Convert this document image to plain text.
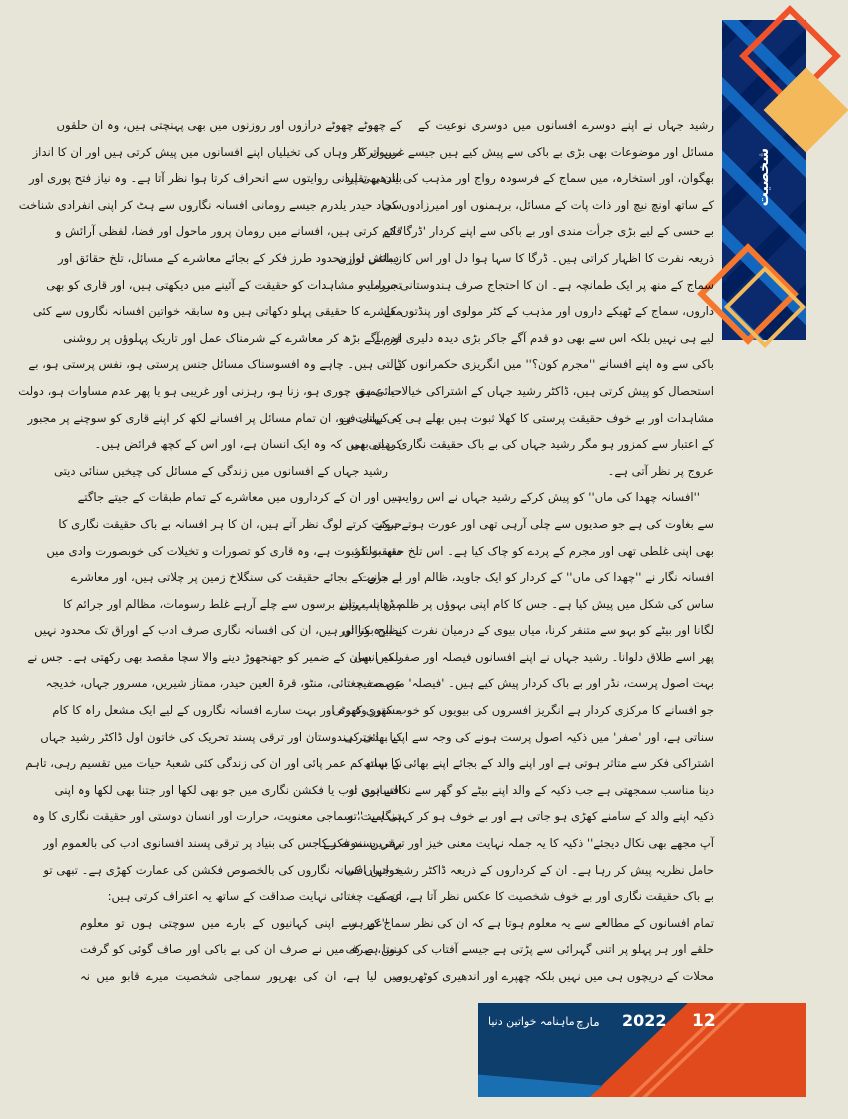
شخصیت
رشید جہاں نے اپنے دوسرے افسانوں میں دوسری نوعیت کے
مسائل اور موضوعات بھی بڑی بے باکی سے پیش کیے ہیں جیسے غریبوں کا
بھگوان، اور استخارہ، میں سماج کے فرسودہ رواج اور مذہب کی اندھی تقلید
کے ساتھ اونچ نیچ اور ذات پات کے مسائل، برہمنوں اور امیرزادوں کی
بے حسی کے لیے بڑی جرأت مندی اور بے باکی سے اپنے کردار 'ڈرگا' کے
ذریعہ نفرت کا اظہار کراتی ہیں۔ ڈرگا کا سہا ہوا دل اور اس کا دماغی توازن
سماج کے منھ پر ایک طمانچہ ہے۔ ان کا احتجاج صرف ہندوستانی سرمایہ
داروں، سماج کے ٹھیکے داروں اور مذہب کے کٹر مولوی اور پنڈتوں کے
لیے ہی نہیں بلکہ اس سے بھی دو قدم آگے جاکر بڑی دیدہ دلیری اور بے
باکی سے وہ اپنے افسانے ''مجرم کون؟'' میں انگریزی حکمرانوں کے
استحصال کو پیش کرتی ہیں، ڈاکٹر رشید جہاں کے اشتراکی خیالات، عمیق
مشاہدات اور بے خوف حقیقت پرستی کا کھلا ثبوت ہیں بھلے ہی یہ کہانی فن
کے اعتبار سے کمزور ہو مگر رشید جہاں کی بے باک حقیقت نگاری یہاں بھی
عروج پر نظر آتی ہے۔
''افسانہ چھدا کی ماں'' کو پیش کرکے رشید جہاں نے اس روایت
سے بغاوت کی ہے جو صدیوں سے چلی آرہی تھی اور عورت ہوتے ہوئے
بھی اپنی غلطی تھی اور مجرم کے پردے کو چاک کیا ہے۔ اس تلخ حقیقت کو
افسانہ نگار نے ''چھدا کی ماں'' کے کردار کو ایک جاوید، ظالم اور بے مروت
ساس کی شکل میں پیش کیا ہے۔ جس کا کام اپنی بہوؤں پر ظلم ڈھانا، بہتان
لگانا اور بیٹے کو بہو سے متنفر کرنا، میاں بیوی کے درمیان نفرت کے بیج بونا اور
پھر اسے طلاق دلوانا۔ رشید جہاں نے اپنے افسانوں فیصلہ اور صفر میں بھی
بہت اصول پرست، نڈر اور بے باک کردار پیش کیے ہیں۔ 'فیصلہ' میں صفیہ
جو افسانے کا مرکزی کردار ہے انگریز افسروں کی بیویوں کو خوب کھری کھوٹی
سناتی ہے، اور 'صفر' میں ذکیہ اصول پرست ہونے کی وجہ سے اپنے بھائی کی
اشتراکی فکر سے متاثر ہوتی ہے اور اپنے والد کے بجائے اپنے بھائی کا ساتھ
دینا مناسب سمجھتی ہے جب ذکیہ کے والد اپنے بیٹے کو گھر سے نکالتے ہیں تو
ذکیہ اپنے والد کے سامنے کھڑی ہو جاتی ہے اور بے خوف ہو کر کہتی ہے: ''تو
آپ مجھے بھی نکال دیجئے'' ذکیہ کا یہ جملہ نہایت معنی خیز اور ترقی پسند فکر کا
حامل نظریہ پیش کر رہا ہے۔ ان کے کرداروں کے ذریعہ ڈاکٹر رشید جہاں کی
بے باک حقیقت نگاری اور بے خوف شخصیت کا عکس نظر آتا ہے، ان کے
تمام افسانوں کے مطالعے سے یہ معلوم ہوتا ہے کہ ان کی نظر سماج کے ہر
حلقے اور ہر پہلو پر اتنی گہرائی سے پڑتی ہے جیسے آفتاب کی کرنیں، صرف
محلات کے دریچوں ہی میں نہیں بلکہ چھپرے اور اندھیری کوٹھریوں
کے چھوٹے چھوٹے درازوں اور روزنوں میں بھی پہنچتی ہیں، وہ ان حلقوں
میں اتر کر وہاں کی تخیلیاں اپنے افسانوں میں پیش کرتی ہیں اور ان کا انداز
بیان بھی پرانی روایتوں سے انحراف کرتا ہوا نظر آتا ہے۔ وہ نیاز فتح پوری اور
سجاد حیدر یلدرم جیسے رومانی افسانہ نگاروں سے ہٹ کر اپنی انفرادی شناخت
قائم کرتی ہیں، افسانے میں رومان پرور ماحول اور فضا، لفظی آرائش و
زیبائش اور محدود طرز فکر کے بجائے معاشرے کے مسائل، تلخ حقائق اور
تجربات و مشاہدات کو حقیقت کے آئینے میں دیکھتی ہیں، اور قاری کو بھی
معاشرے کا حقیقی پہلو دکھاتی ہیں وہ سابقہ خواتین افسانہ نگاروں سے کئی
قدم آگے بڑھ کر معاشرے کے شرمناک عمل اور تاریک پہلوؤں پر روشنی
ڈالتی ہیں۔ چاہے وہ افسوسناک مسائل جنس پرستی ہو، نفس پرستی ہو، بے
حیائی ہو، چوری ہو، زنا ہو، رہزنی اور غریبی ہو یا پھر عدم مساوات ہو، دولت
کی بہتات ہو، ان تمام مسائل پر افسانے لکھ کر اپنے قاری کو سوچنے پر مجبور
کردیتی ہیں کہ وہ ایک انسان ہے، اور اس کے کچھ فرائض ہیں۔
رشید جہاں کے افسانوں میں زندگی کے مسائل کی چیخیں سنائی دیتی
ہیں اور ان کے کرداروں میں معاشرے کے تمام طبقات کے جیتے جاگتے
حرکت کرتے لوگ نظر آتے ہیں، ان کا ہر افسانہ بے باک حقیقت نگاری کا
منھ بولتا ثبوت ہے، وہ قاری کو تصورات و تخیلات کی خوبصورت وادی میں
لے جانے کے بجائے حقیقت کی سنگلاخ زمین پر چلاتی ہیں، اور معاشرے
میں پنپ رہے برسوں سے چلے آرہے غلط رسومات، مظالم اور جرائم کا
نظارہ کراتی ہیں، ان کی افسانہ نگاری صرف ادب کے اوراق تک محدود نہیں
بلکہ انسان کے ضمیر کو جھنجھوڑ دینے والا سچا مقصد بھی رکھتی ہے۔ جس نے
عصمت چغتائی، منٹو، قرۃ العین حیدر، ممتاز شیریں، مسرور جہاں، خدیجہ
مستور وغیرہ اور بہت سارے افسانہ نگاروں کے لیے ایک مشعل راہ کا کام
کیا۔ دختر ہندوستان اور ترقی پسند تحریک کی خاتون اول ڈاکٹر رشید جہاں
نے بہت کم عمر پائی اور ان کی زندگی کئی شعبۂ حیات میں تقسیم رہی، تاہم
افسانوی ادب یا فکشن نگاری میں جو بھی لکھا اور جتنا بھی لکھا وہ اپنی
ہنگامیت، سماجی معنویت، حرارت اور انسان دوستی اور حقیقت نگاری کا وہ
بہترین نمونہ ہے جس کی بنیاد پر ترقی پسند افسانوی ادب کی بالعموم اور
خواتین افسانہ نگاروں کی بالخصوص فکشن کی عمارت کھڑی ہے۔ تبھی تو
عصمت چغتائی نہایت صداقت کے ساتھ یہ اعتراف کرتی ہیں:
''غور سے اپنی کہانیوں کے بارے میں سوچتی ہوں تو معلوم
ہوتا ہے کہ میں نے صرف ان کی بے باکی اور صاف گوئی کو گرفت
میں لیا ہے، ان کی بھرپور سماجی شخصیت میرے قابو میں نہ
12
2022
مارچ
ماہنامہ خواتین دنیا
